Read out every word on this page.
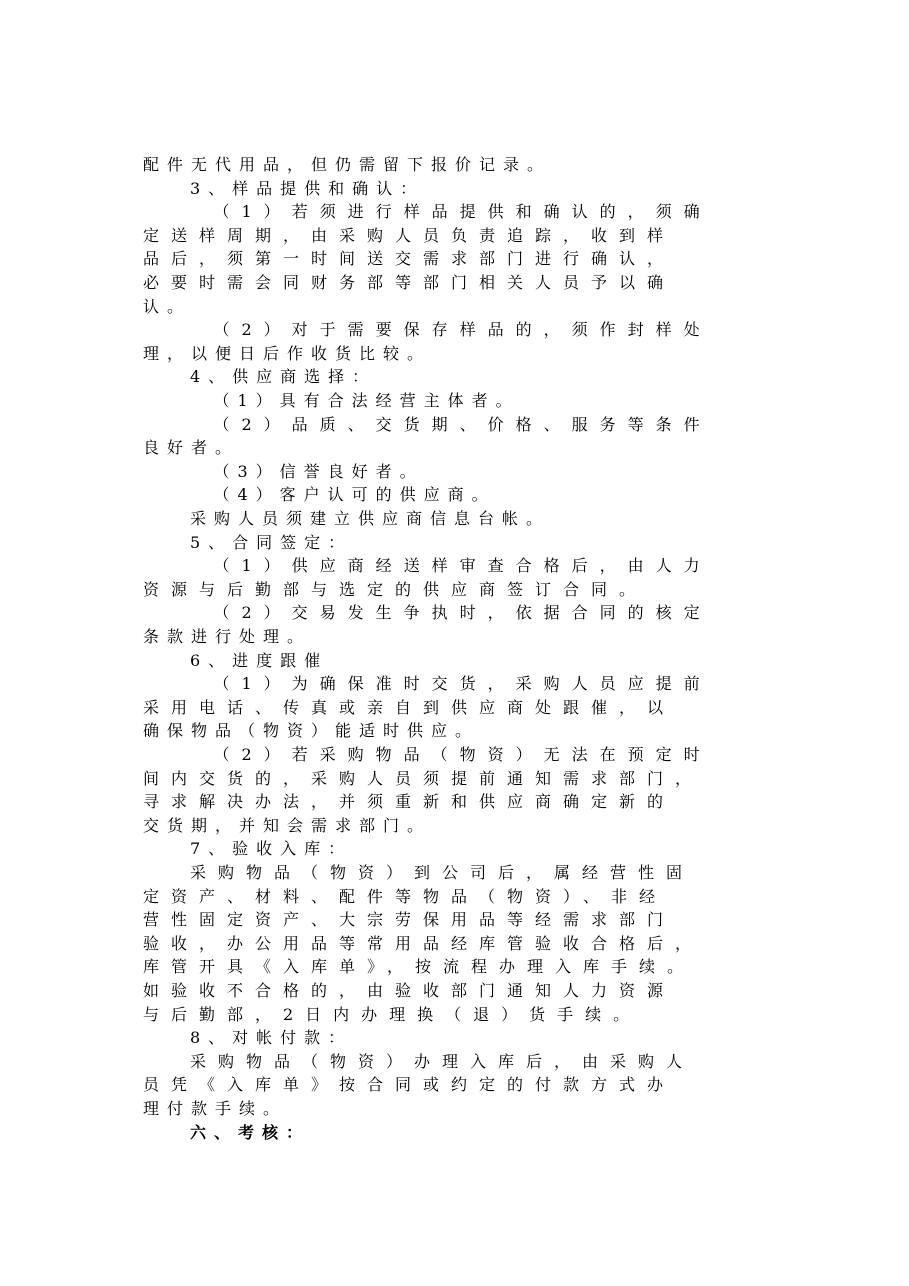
配件无代用品，但仍需留下报价记录。
3、样品提供和确认：
（1）若须进行样品提供和确认的，须确
定送样周期，由采购人员负责追踪，收到样
品后，须第一时间送交需求部门进行确认，
必要时需会同财务部等部门相关人员予以确
认。
（2）对于需要保存样品的，须作封样处
理，以便日后作收货比较。
4、供应商选择：
（1）具有合法经营主体者。
（2）品质、交货期、价格、服务等条件
良好者。
（3）信誉良好者。
（4）客户认可的供应商。
采购人员须建立供应商信息台帐。
5、合同签定：
（1）供应商经送样审查合格后，由人力
资源与后勤部与选定的供应商签订合同。
（2）交易发生争执时，依据合同的核定
条款进行处理。
6、进度跟催
（1）为确保准时交货，采购人员应提前
采用电话、传真或亲自到供应商处跟催，以
确保物品（物资）能适时供应。
（2）若采购物品（物资）无法在预定时
间内交货的，采购人员须提前通知需求部门，
寻求解决办法，并须重新和供应商确定新的
交货期，并知会需求部门。
7、验收入库：
采购物品（物资）到公司后，属经营性固
定资产、材料、配件等物品（物资）、非经
营性固定资产、大宗劳保用品等经需求部门
验收，办公用品等常用品经库管验收合格后，
库管开具《入库单》，按流程办理入库手续。
如验收不合格的，由验收部门通知人力资源
与后勤部，2日内办理换（退）货手续。
8、对帐付款：
采购物品（物资）办理入库后，由采购人
员凭《入库单》按合同或约定的付款方式办
理付款手续。
六、考核：
